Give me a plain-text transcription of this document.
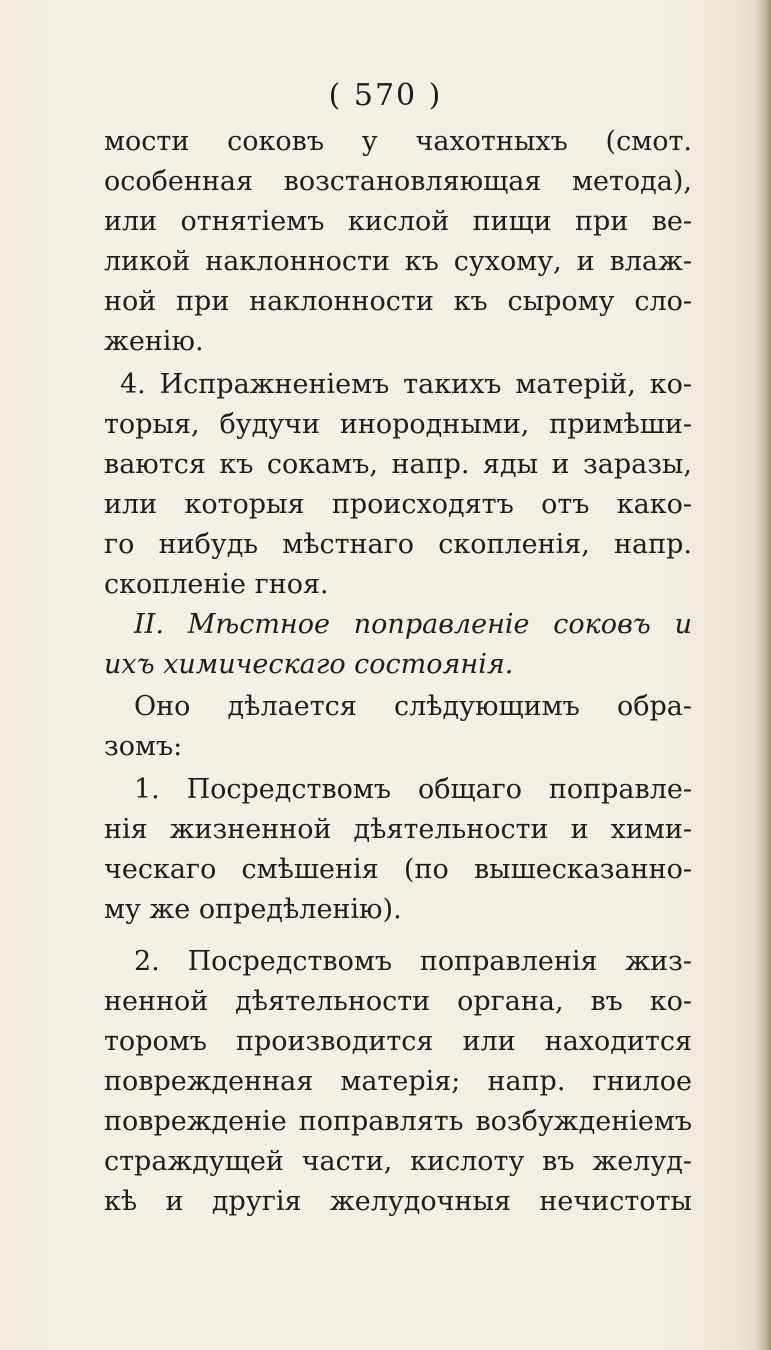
( 570 )
мости соковъ у чахотныхъ (смот.
особенная возстановляющая метода),
или отнятiемъ кислой пищи при ве-
ликой наклонности къ сухому, и влаж-
ной при наклонности къ сырому сло-
женiю.
4. Испражненiемъ такихъ матерiй, ко-
торыя, будучи инородными, примѣши-
ваются къ сокамъ, напр. яды и заразы,
или которыя происходятъ отъ како-
го нибудь мѣстнаго скопленiя, напр.
скопленiе гноя.
II. Мѣстное поправленiе соковъ и
ихъ химическаго состоянiя.
Оно дѣлается слѣдующимъ обра-
зомъ:
1. Посредствомъ общаго поправле-
нiя жизненной дѣятельности и хими-
ческаго смѣшенiя (по вышесказанно-
му же опредѣленiю).
2. Посредствомъ поправленiя жиз-
ненной дѣятельности органа, въ ко-
торомъ производится или находится
поврежденная матерiя; напр. гнилое
поврежденiе поправлять возбужденiемъ
страждущей части, кислоту въ желуд-
кѣ и другiя желудочныя нечистоты
